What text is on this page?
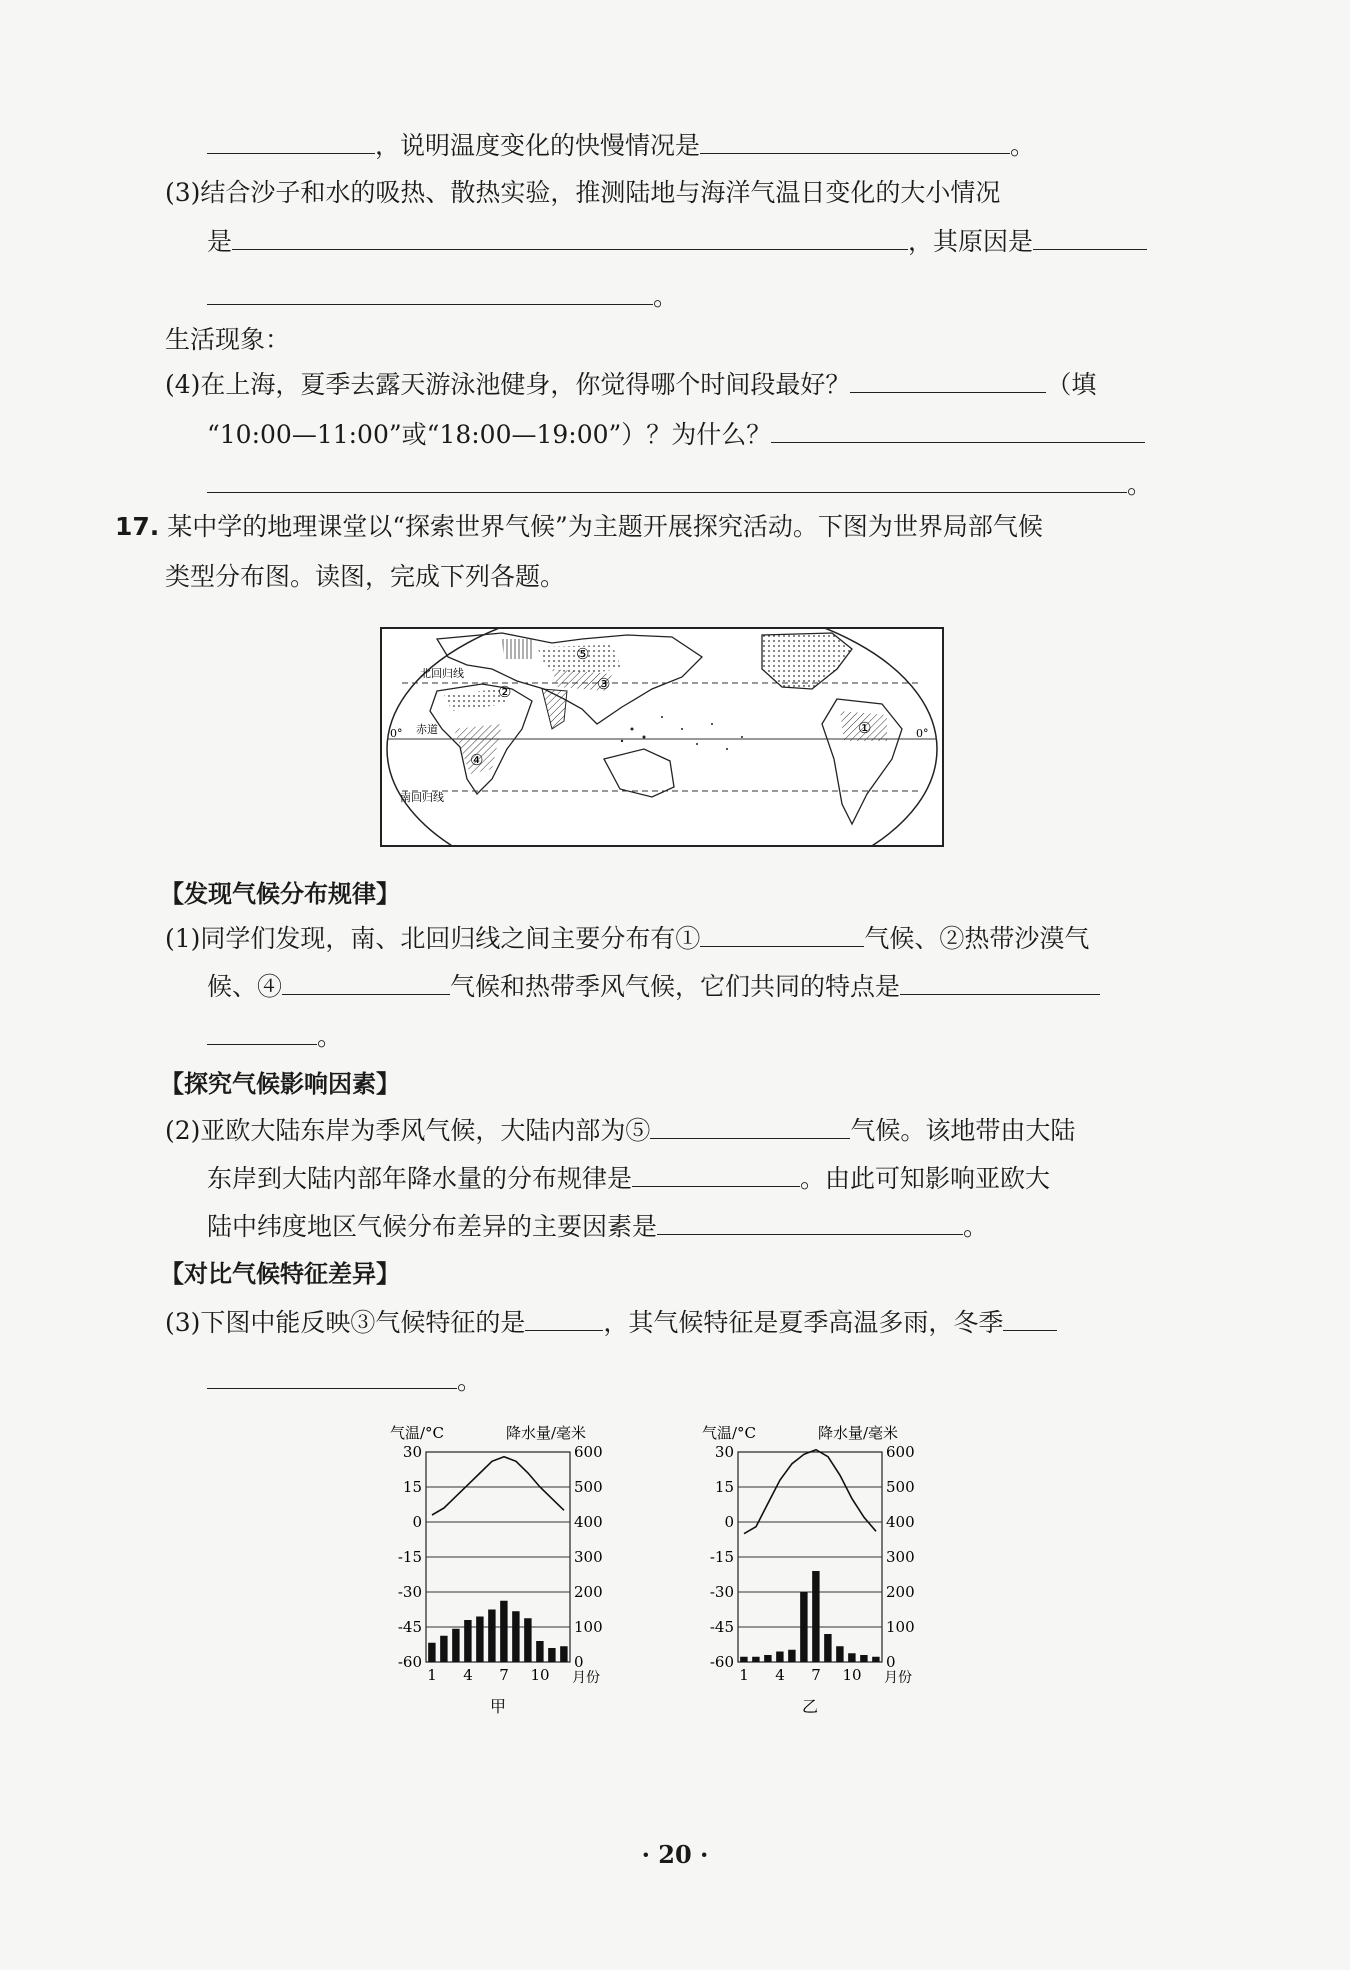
，说明温度变化的快慢情况是	。
(3)结合沙子和水的吸热、散热实验，推测陆地与海洋气温日变化的大小情况
是	，其原因是
。
生活现象：
(4)在上海，夏季去露天游泳池健身，你觉得哪个时间段最好？	（填
“10:00—11:00”或“18:00—19:00”）？为什么？
。
17. 某中学的地理课堂以“探索世界气候”为主题开展探究活动。下图为世界局部气候
类型分布图。读图，完成下列各题。
北回归线
赤道
南回归线
0°	0°
①
②	③
④
⑤
【发现气候分布规律】
(1)同学们发现，南、北回归线之间主要分布有①	气候、②热带沙漠气
候、④	气候和热带季风气候，它们共同的特点是
。
【探究气候影响因素】
(2)亚欧大陆东岸为季风气候，大陆内部为⑤	气候。该地带由大陆
东岸到大陆内部年降水量的分布规律是	。由此可知影响亚欧大
陆中纬度地区气候分布差异的主要因素是	。
【对比气候特征差异】
(3)下图中能反映③气候特征的是	，其气候特征是夏季高温多雨，冬季
。
气温/°C	降水量/毫米
30	600
15	500
0	400
-15	300
-30	200
-45	100
-60	0
1 4 7 10 月份
甲
气温/°C	降水量/毫米
30	600
15	500
0	400
-15	300
-30	200
-45	100
-60	0
1 4 7 10 月份
乙
· 20 ·
